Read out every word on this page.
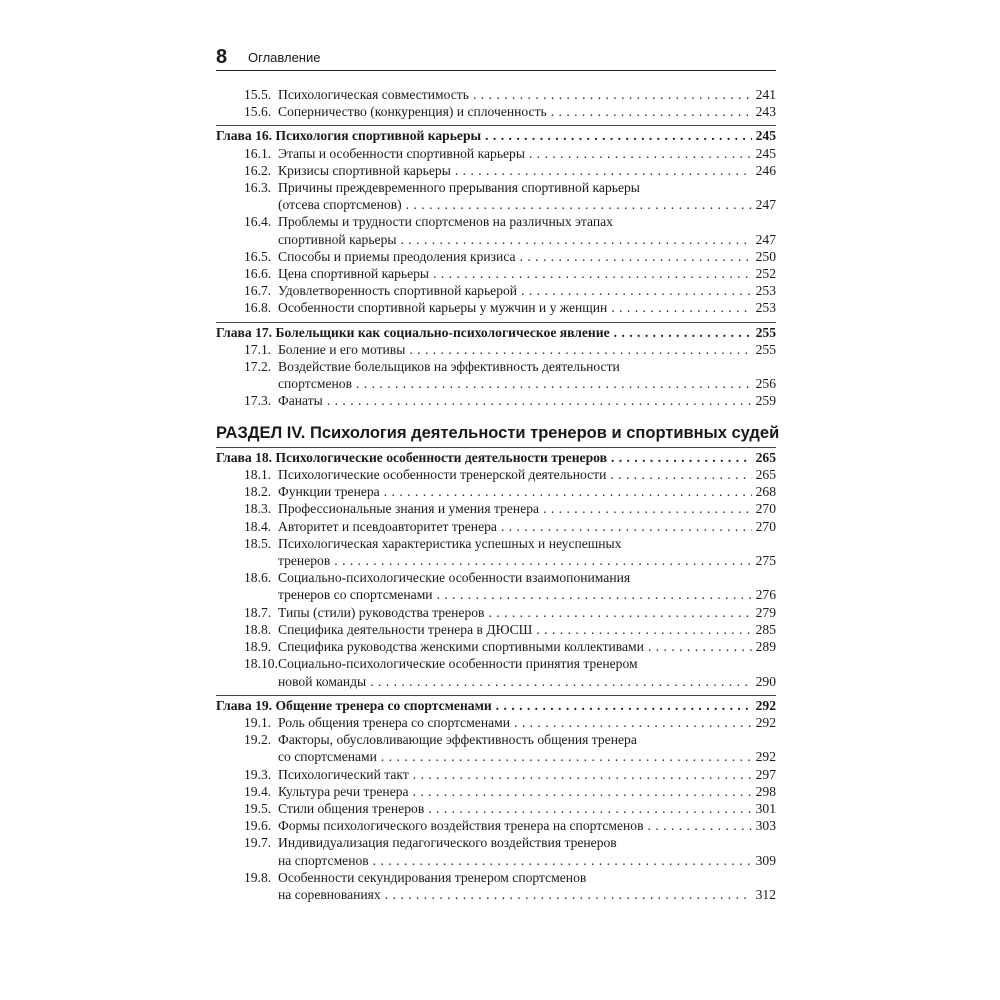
8 Оглавление
15.5. Психологическая совместимость . . .	241
15.6. Соперничество (конкуренция) и сплоченность . . .	243
Глава 16. Психология спортивной карьеры . . .	245
16.1. Этапы и особенности спортивной карьеры . . .	245
16.2. Кризисы спортивной карьеры . . .	246
16.3. Причины преждевременного прерывания спортивной карьеры
(отсева спортсменов) . . .	247
16.4. Проблемы и трудности спортсменов на различных этапах
спортивной карьеры . . .	247
16.5. Способы и приемы преодоления кризиса . . .	250
16.6. Цена спортивной карьеры . . .	252
16.7. Удовлетворенность спортивной карьерой . . .	253
16.8. Особенности спортивной карьеры у мужчин и у женщин . . .	253
Глава 17. Болельщики как социально-психологическое явление . . .	255
17.1. Боление и его мотивы . . .	255
17.2. Воздействие болельщиков на эффективность деятельности
спортсменов . . .	256
17.3. Фанаты . . .	259
РАЗДЕЛ IV. Психология деятельности тренеров и спортивных судей
Глава 18. Психологические особенности деятельности тренеров . . .	265
18.1. Психологические особенности тренерской деятельности . . .	265
18.2. Функции тренера . . .	268
18.3. Профессиональные знания и умения тренера . . .	270
18.4. Авторитет и псевдоавторитет тренера . . .	270
18.5. Психологическая характеристика успешных и неуспешных
тренеров . . .	275
18.6. Социально-психологические особенности взаимопонимания
тренеров со спортсменами . . .	276
18.7. Типы (стили) руководства тренеров . . .	279
18.8. Специфика деятельности тренера в ДЮСШ . . .	285
18.9. Специфика руководства женскими спортивными коллективами . . .	289
18.10. Социально-психологические особенности принятия тренером
новой команды . . .	290
Глава 19. Общение тренера со спортсменами . . .	292
19.1. Роль общения тренера со спортсменами . . .	292
19.2. Факторы, обусловливающие эффективность общения тренера
со спортсменами . . .	292
19.3. Психологический такт . . .	297
19.4. Культура речи тренера . . .	298
19.5. Стили общения тренеров . . .	301
19.6. Формы психологического воздействия тренера на спортсменов . . .	303
19.7. Индивидуализация педагогического воздействия тренеров
на спортсменов . . .	309
19.8. Особенности секундирования тренером спортсменов
на соревнованиях . . .	312
